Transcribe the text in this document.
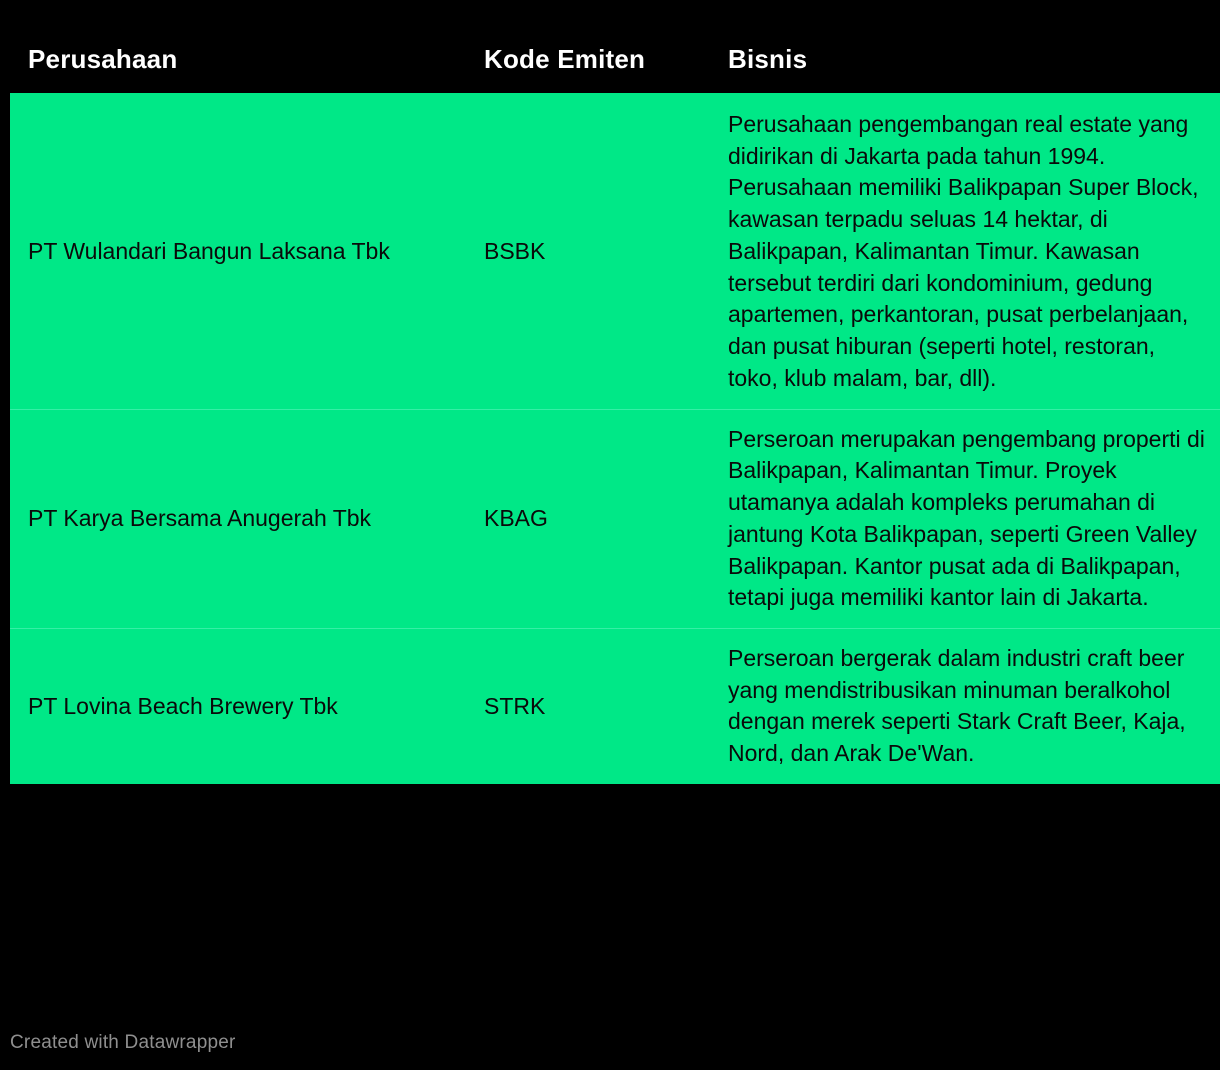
Perusahaan	Kode Emiten	Bisnis
PT Wulandari Bangun Laksana Tbk	BSBK	Perusahaan pengembangan real estate yang didirikan di Jakarta pada tahun 1994. Perusahaan memiliki Balikpapan Super Block, kawasan terpadu seluas 14 hektar, di Balikpapan, Kalimantan Timur. Kawasan tersebut terdiri dari kondominium, gedung apartemen, perkantoran, pusat perbelanjaan, dan pusat hiburan (seperti hotel, restoran, toko, klub malam, bar, dll).
PT Karya Bersama Anugerah Tbk	KBAG	Perseroan merupakan pengembang properti di Balikpapan, Kalimantan Timur. Proyek utamanya adalah kompleks perumahan di jantung Kota Balikpapan, seperti Green Valley Balikpapan. Kantor pusat ada di Balikpapan, tetapi juga memiliki kantor lain di Jakarta.
PT Lovina Beach Brewery Tbk	STRK	Perseroan bergerak dalam industri craft beer yang mendistribusikan minuman beralkohol dengan merek seperti Stark Craft Beer, Kaja, Nord, dan Arak De'Wan.
Created with Datawrapper
